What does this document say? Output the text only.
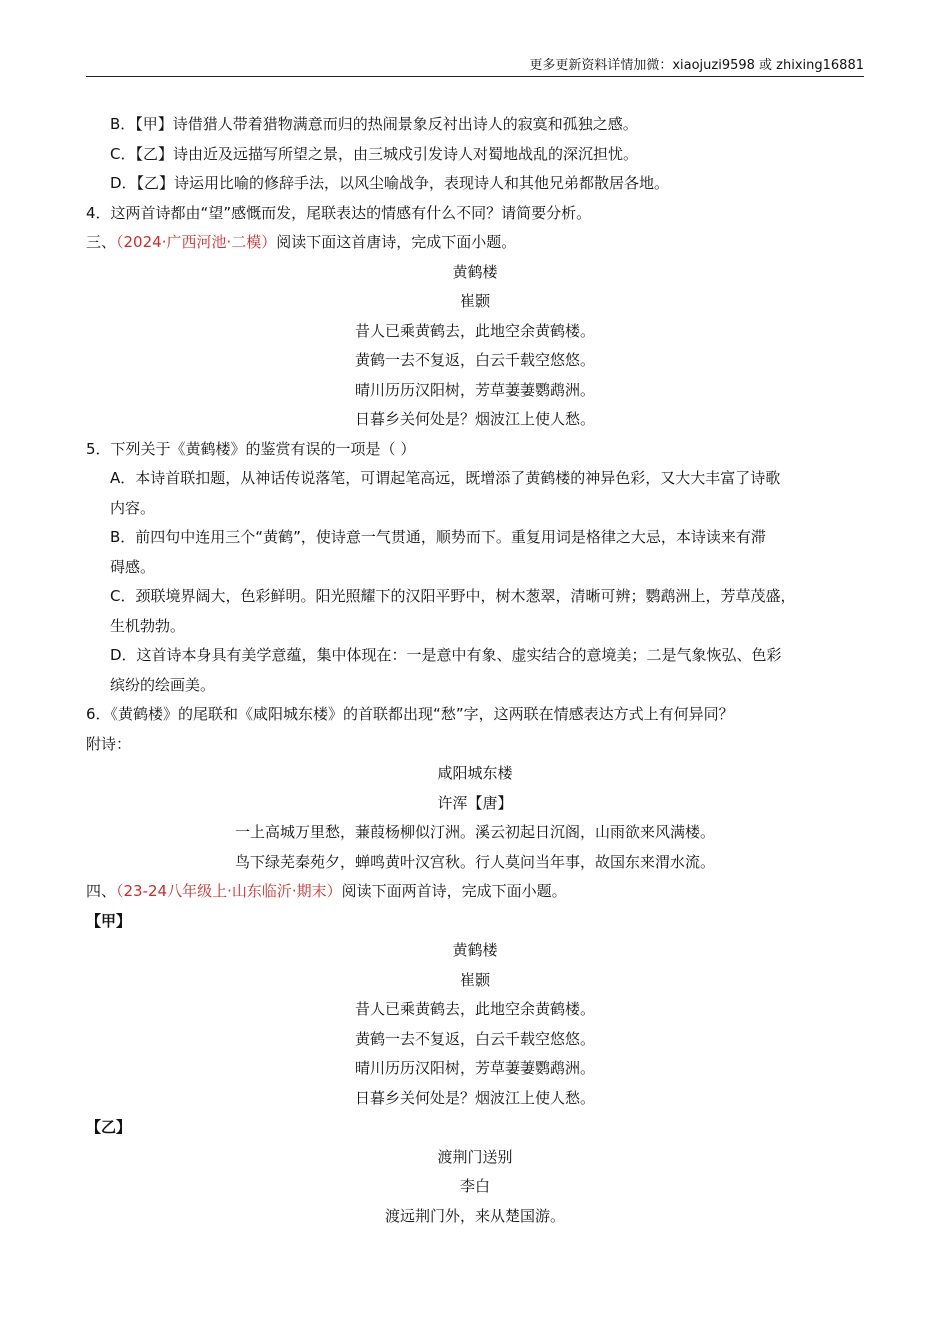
更多更新资料详情加微：xiaojuzi9598 或 zhixing16881

B．【甲】诗借猎人带着猎物满意而归的热闹景象反衬出诗人的寂寞和孤独之感。

C．【乙】诗由近及远描写所望之景，由三城戍引发诗人对蜀地战乱的深沉担忧。

D．【乙】诗运用比喻的修辞手法，以风尘喻战争，表现诗人和其他兄弟都散居各地。

4．这两首诗都由“望”感慨而发，尾联表达的情感有什么不同？请简要分析。

三、（2024·广西河池·二模）阅读下面这首唐诗，完成下面小题。

黄鹤楼

崔颢

昔人已乘黄鹤去，此地空余黄鹤楼。

黄鹤一去不复返，白云千载空悠悠。

晴川历历汉阳树，芳草萋萋鹦鹉洲。

日暮乡关何处是？烟波江上使人愁。

5．下列关于《黄鹤楼》的鉴赏有误的一项是（ ）

A．本诗首联扣题，从神话传说落笔，可谓起笔高远，既增添了黄鹤楼的神异色彩，又大大丰富了诗歌
内容。
B．前四句中连用三个“黄鹤”，使诗意一气贯通，顺势而下。重复用词是格律之大忌，本诗读来有滞
碍感。
C．颈联境界阔大，色彩鲜明。阳光照耀下的汉阳平野中，树木葱翠，清晰可辨；鹦鹉洲上，芳草茂盛，
生机勃勃。
D．这首诗本身具有美学意蕴，集中体现在：一是意中有象、虚实结合的意境美；二是气象恢弘、色彩
缤纷的绘画美。

6．《黄鹤楼》的尾联和《咸阳城东楼》的首联都出现“愁”字，这两联在情感表达方式上有何异同？

附诗：

咸阳城东楼

许浑【唐】

一上高城万里愁，蒹葭杨柳似汀洲。溪云初起日沉阁，山雨欲来风满楼。

鸟下绿芜秦苑夕，蝉鸣黄叶汉宫秋。行人莫问当年事，故国东来渭水流。

四、（23-24八年级上·山东临沂·期末）阅读下面两首诗，完成下面小题。

【甲】

黄鹤楼

崔颢

昔人已乘黄鹤去，此地空余黄鹤楼。

黄鹤一去不复返，白云千载空悠悠。

晴川历历汉阳树，芳草萋萋鹦鹉洲。

日暮乡关何处是？烟波江上使人愁。

【乙】

渡荆门送别

李白

渡远荆门外，来从楚国游。
